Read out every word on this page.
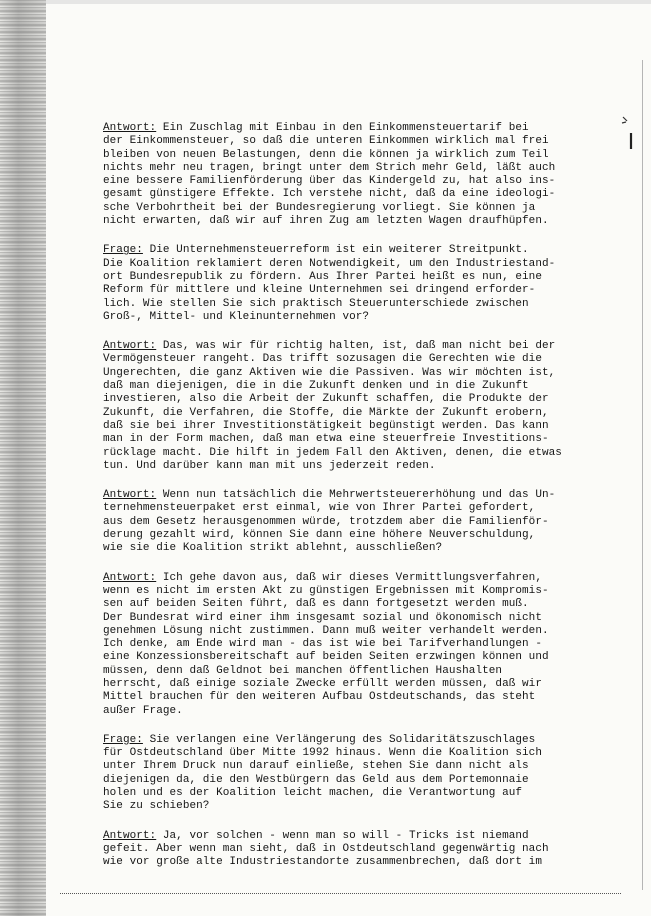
Antwort: Ein Zuschlag mit Einbau in den Einkommensteuertarif bei
der Einkommensteuer, so daß die unteren Einkommen wirklich mal frei
bleiben von neuen Belastungen, denn die können ja wirklich zum Teil
nichts mehr neu tragen, bringt unter dem Strich mehr Geld, läßt auch
eine bessere Familienförderung über das Kindergeld zu, hat also ins-
gesamt günstigere Effekte. Ich verstehe nicht, daß da eine ideologi-
sche Verbohrtheit bei der Bundesregierung vorliegt. Sie können ja
nicht erwarten, daß wir auf ihren Zug am letzten Wagen draufhüpfen.

Frage: Die Unternehmensteuerreform ist ein weiterer Streitpunkt.
Die Koalition reklamiert deren Notwendigkeit, um den Industriestand-
ort Bundesrepublik zu fördern. Aus Ihrer Partei heißt es nun, eine
Reform für mittlere und kleine Unternehmen sei dringend erforder-
lich. Wie stellen Sie sich praktisch Steuerunterschiede zwischen
Groß-, Mittel- und Kleinunternehmen vor?

Antwort: Das, was wir für richtig halten, ist, daß man nicht bei der
Vermögensteuer rangeht. Das trifft sozusagen die Gerechten wie die
Ungerechten, die ganz Aktiven wie die Passiven. Was wir möchten ist,
daß man diejenigen, die in die Zukunft denken und in die Zukunft
investieren, also die Arbeit der Zukunft schaffen, die Produkte der
Zukunft, die Verfahren, die Stoffe, die Märkte der Zukunft erobern,
daß sie bei ihrer Investitionstätigkeit begünstigt werden. Das kann
man in der Form machen, daß man etwa eine steuerfreie Investitions-
rücklage macht. Die hilft in jedem Fall den Aktiven, denen, die etwas
tun. Und darüber kann man mit uns jederzeit reden.

Antwort: Wenn nun tatsächlich die Mehrwertsteuererhöhung und das Un-
ternehmensteuerpaket erst einmal, wie von Ihrer Partei gefordert,
aus dem Gesetz herausgenommen würde, trotzdem aber die Familienför-
derung gezahlt wird, können Sie dann eine höhere Neuverschuldung,
wie sie die Koalition strikt ablehnt, ausschließen?

Antwort: Ich gehe davon aus, daß wir dieses Vermittlungsverfahren,
wenn es nicht im ersten Akt zu günstigen Ergebnissen mit Kompromis-
sen auf beiden Seiten führt, daß es dann fortgesetzt werden muß.
Der Bundesrat wird einer ihm insgesamt sozial und ökonomisch nicht
genehmen Lösung nicht zustimmen. Dann muß weiter verhandelt werden.
Ich denke, am Ende wird man - das ist wie bei Tarifverhandlungen -
eine Konzessionsbereitschaft auf beiden Seiten erzwingen können und
müssen, denn daß Geldnot bei manchen öffentlichen Haushalten
herrscht, daß einige soziale Zwecke erfüllt werden müssen, daß wir
Mittel brauchen für den weiteren Aufbau Ostdeutschands, das steht
außer Frage.

Frage: Sie verlangen eine Verlängerung des Solidaritätszuschlages
für Ostdeutschland über Mitte 1992 hinaus. Wenn die Koalition sich
unter Ihrem Druck nun darauf einließe, stehen Sie dann nicht als
diejenigen da, die den Westbürgern das Geld aus dem Portemonnaie
holen und es der Koalition leicht machen, die Verantwortung auf
Sie zu schieben?

Antwort: Ja, vor solchen - wenn man so will - Tricks ist niemand
gefeit. Aber wenn man sieht, daß in Ostdeutschland gegenwärtig nach
wie vor große alte Industriestandorte zusammenbrechen, daß dort im
